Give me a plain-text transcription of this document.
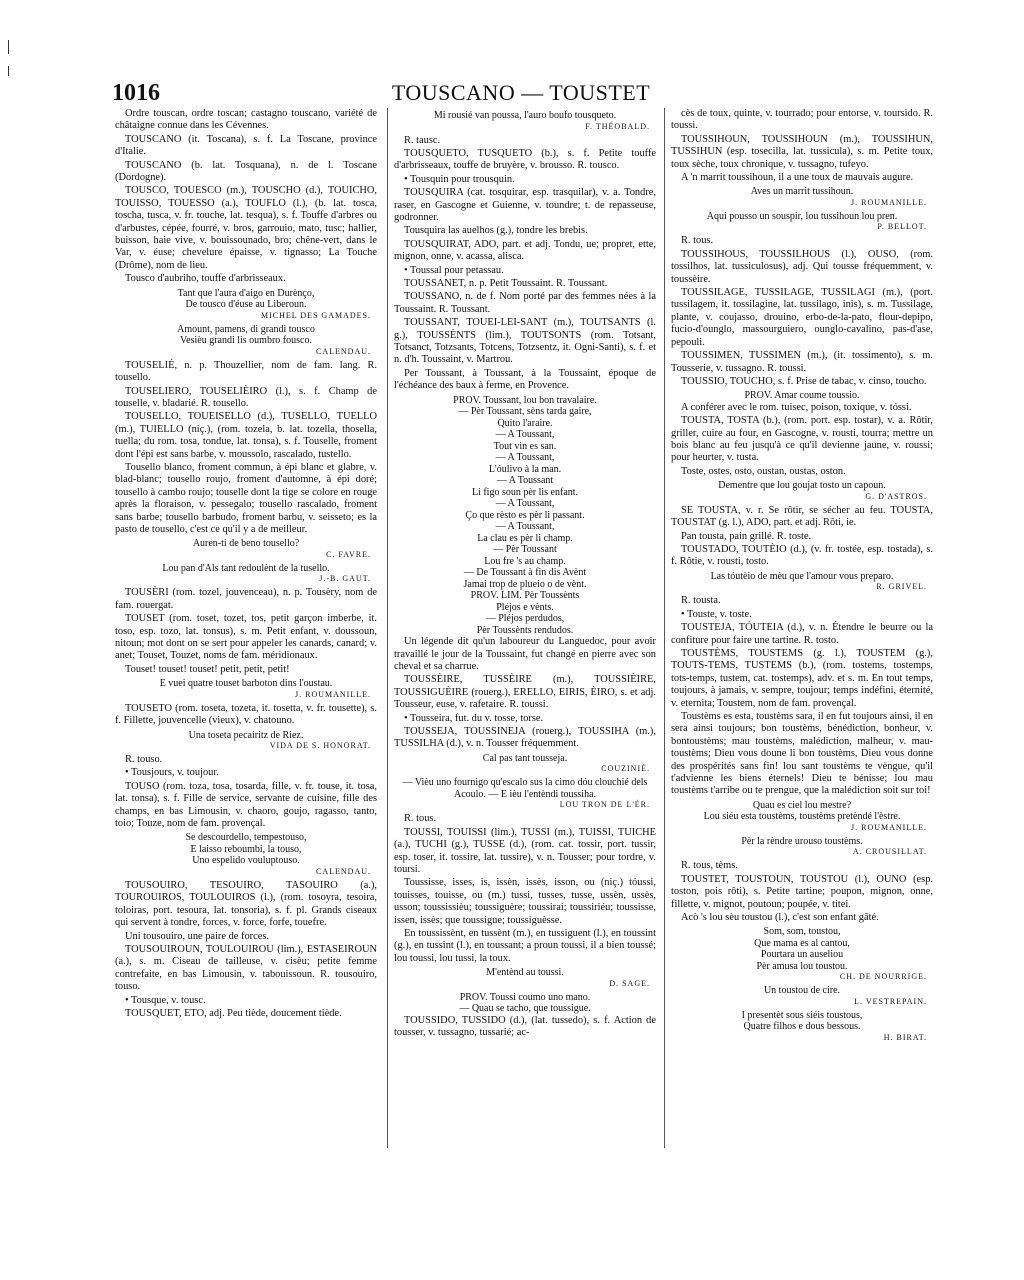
1016	TOUSCANO — TOUSTET

Ordre touscan, ordre toscan; castagno touscano, variété de châtaigne connue dans les Cévennes.

TOUSCANO (it. Toscana), s. f. La Toscane, province d'Italie.

TOUSCANO (b. lat. Tosquana), n. de l. Toscane (Dordogne).

TOUSCO, TOUESCO (m.), TOUSCHO (d.), TOUICHO, TOUISSO, TOUESSO (a.), TOUFLO (l.), (b. lat. tosca, toscha, tusca, v. fr. touche, lat. tesqua), s. f. Touffe d'arbres ou d'arbustes, cépée, fourré, v. bros, garrouio, mato, tusc; hallier, buisson, haie vive, v. bouissounado, bro; chêne-vert, dans le Var, v. éuse; chevelure épaisse, v. tignasso; La Touche (Drôme), nom de lieu.

Tousco d'aubriho, touffe d'arbrisseaux.

Tant que l'aura d'aigo en Durènço,
De tousco d'éuse au Liberoun.
MICHEL DES GAMADES.
Amount, pamens, di grandi tousco
Vesièu grandi lis oumbro fousco.
CALENDAU.

TOUSELIÉ, n. p. Thouzellier, nom de fam. lang. R. tousello.

TOUSELIERO, TOUSELIÈIRO (l.), s. f. Champ de touselle, v. bladarié. R. tousello.

TOUSELLO, TOUEISELLO (d.), TUSELLO, TUELLO (m.), TUIELLO (niç.), (rom. tozela, b. lat. tozella, thosella, tuella; du rom. tosa, tondue, lat. tonsa), s. f. Touselle, froment dont l'épi est sans barbe, v. moussolo, rascalado, tustello.

Tousello blanco, froment commun, à épi blanc et glabre, v. blad-blanc; tousello roujo, froment d'automne, à épi doré; tousello à cambo roujo; touselle dont la tige se colore en rouge après la floraison, v. pessegalo; tousello rascalado, froment sans barbe; tousello barbudo, froment barbu, v. seisseto; es la pasto de tousello, c'est ce qu'il y a de meilleur.

Auren-ti de beno tousello?
C. FAVRE.
Lou pan d'Als tant redoulènt de la tusello.
J.-B. GAUT.

TOUSÈRI (rom. tozel, jouvenceau), n. p. Tousèry, nom de fam. rouergat.

TOUSET (rom. toset, tozet, tos, petit garçon imberbe, it. toso, esp. tozo, lat. tonsus), s. m. Petit enfant, v. doussoun, nitoun; mot dont on se sert pour appeler les canards, canard; v. anet; Touset, Touzet, noms de fam. méridionaux.

Touset! touset! touset! petit, petit, petit!

E vuei quatre touset barboton dins l'oustau.
J. ROUMANILLE.

TOUSETO (rom. toseta, tozeta, it. tosetta, v. fr. tousette), s. f. Fillette, jouvencelle (vieux), v. chatouno.

Una toseta pecairitz de Riez.
VIDA DE S. HONORAT.

R. touso.

• Tousjours, v. toujour.

TOUSO (rom. toza, tosa, tosarda, fille, v. fr. touse, it. tosa, lat. tonsa), s. f. Fille de service, servante de cuisine, fille des champs, en bas Limousin, v. chaoro, goujo, ragasso, tanto, toio; Touze, nom de fam. provençal.

Se descourdello, tempestouso,
E laisso reboumbi, la touso,
Uno espelido vouluptouso.
CALENDAU.

TOUSOUIRO, TESOUIRO, TASOUIRO (a.), TOUROUIROS, TOULOUIROS (l.), (rom. tosoyra, tesoira, toloiras, port. tesoura, lat. tonsoria), s. f. pl. Grands ciseaux qui servent à tondre, forces, v. force, forfe, touefre.

Uni tousouiro, une paire de forces.

TOUSOUIROUN, TOULOUIROU (lim.), ESTASEIROUN (a.), s. m. Ciseau de tailleuse, v. cisèu; petite femme contrefaite, en bas Limousin, v. tabouissoun. R. tousouiro, touso.

• Tousque, v. tousc.

TOUSQUET, ETO, adj. Peu tiède, doucement tiède.

Mi rousié van poussa, l'auro boufo tousqueto.
F. THÉOBALD.

R. tausc.

TOUSQUETO, TUSQUETO (b.), s. f. Petite touffe d'arbrisseaux, touffe de bruyère, v. brousso. R. touscο.

• Tousquin pour trousquin.

TOUSQUIRA (cat. tosquirar, esp. trasquilar), v. a. Tondre, raser, en Gascogne et Guienne, v. toundre; t. de repasseuse, godronner.

Tousquira las auelhos (g.), tondre les brebis.

TOUSQUIRAT, ADO, part. et adj. Tondu, ue; propret, ette, mignon, onne, v. acassa, alisca.

• Toussal pour petassau.

TOUSSANET, n. p. Petit Toussaint. R. Toussant.

TOUSSANO, n. de f. Nom porté par des femmes nées à la Toussaint. R. Toussant.

TOUSSANT, TOUEI-LEI-SANT (m.), TOUTSANTS (l. g.), TOUSSÈNTS (lim.), TOUTSONTS (rom. Totsant, Totsanct, Totzsants, Totcens, Totzsentz, it. Ogni-Santi), s. f. et n. d'h. Toussaint, v. Martrou.

Per Toussant, à Toussant, à la Toussaint, époque de l'échéance des baux à ferme, en Provence.

PROV. Toussant, lou bon travalaire.
— Pèr Toussant, sèns tarda gaire,
Quito l'araire.
— A Toussant,
Tout vin es san.
— A Toussant,
L'óulivo à la man.
— A Toussant
Li figo soun pèr lis enfant.
— A Toussant,
Ço que rèsto es pèr li passant.
— A Toussant,
La clau es pèr li champ.
— Pèr Toussant
Lou fre 's au champ.
— De Toussant à fin dis Avènt
Jamai trop de plueio o de vènt.
PROV. LIM. Pèr Toussènts
Pléjos e vènts.
— Pléjos perdudos,
Pèr Toussènts rendudos.

Un légende dit qu'un laboureur du Languedoc, pour avoir travaillé le jour de la Toussaint, fut changé en pierre avec son cheval et sa charrue.

TOUSSÈIRE, TUSSÈIRE (m.), TOUSSIÈIRE, TOUSSIGUÈIRE (rouerg.), ERELLO, EIRIS, ÈIRO, s. et adj. Tousseur, euse, v. rafetaire. R. toussi.

• Tousseira, fut. du v. tosse, torse.

TOUSSEJA, TOUSSINEJA (rouerg.), TOUSSIHA (m.), TUSSILHA (d.), v. n. Tousser fréquemment.

Cal pas tant tousseja.
COUZINIÉ.
— Vièu uno fournigo qu'escalo sus la cimo dóu clouchié dels Acoulo. — E ièu l'entèndi toussiha.
LOU TRON DE L'ÈR.

R. tous.

TOUSSI, TOUISSI (lim.), TUSSI (m.), TUISSI, TUICHE (a.), TUCHI (g.), TUSSE (d.), (rom. cat. tossir, port. tussir, esp. toser, it. tossire, lat. tussire), v. n. Tousser; pour tordre, v. toursi.

Toussisse, isses, is, issèn, issès, isson, ou (niç.) tóussi, touisses, touisse, ou (m.) tussi, tusses, tusse, ussèn, ussès, usson; toussissièu; toussiguère; toussirai; toussiriéu; toussisse, issen, issès; que toussigue; toussiguèsse.

En toussissènt, en tussènt (m.), en tussiguent (l.), en toussint (g.), en tussint (l.), en toussant; a proun toussi, il a bien toussé; lou toussi, lou tussi, la toux.

M'entènd au toussi.
D. SAGE.
PROV. Toussi coumo uno mano.
— Quau se tacho, que toussigue.

TOUSSIDO, TUSSIDO (d.), (lat. tussedo), s. f. Action de tousser, v. tussagno, tussarié; ac-

cès de toux, quinte, v. tourrado; pour entorse, v. toursido. R. toussi.

TOUSSIHOUN, TOUSSIHOUN (m.), TOUSSIHUN, TUSSIHUN (esp. toseсilla, lat. tussicula), s. m. Petite toux, toux sèche, toux chronique, v. tussagno, tufeyo.

A 'n marrit toussihoun, il a une toux de mauvais augure.

Aves un marrit tussihoun.
J. ROUMANILLE.
Aqui pousso un souspir, lou tussihoun lou pren.
P. BELLOT.

R. tous.

TOUSSIHOUS, TOUSSILHOUS (l.), OUSO, (rom. tossilhos, lat. tussiculosus), adj. Qui tousse fréquemment, v. toussèire.

TOUSSILAGE, TUSSILAGE, TUSSILAGI (m.), (port. tussilagem, it. tossilagine, lat. tussilago, inis), s. m. Tussilage, plante, v. coujasso, drouino, erbo-de-la-pato, flour-depipo, fucio-d'ounglo, massourguiero, ounglo-cavalino, pas-d'ase, pepouli.

TOUSSIMEN, TUSSIMEN (m.), (it. tossimento), s. m. Tousserie, v. tussagno. R. toussi.

TOUSSIO, TOUCHO, s. f. Prise de tabac, v. cinso, toucho.

PROV. Amar coume toussio.

A conférer avec le rom. tuisec, poison, toxique, v. tóssi.

TOUSTA, TOSTA (b.), (rom. port. esp. tostar), v. a. Rôtir, griller, cuire au four, en Gascogne, v. rousti, tourra; mettre un bois blanc au feu jusqu'à ce qu'il devienne jaune, v. roussi; pour heurter, v. tusta.

Toste, ostes, osto, oustan, oustas, oston.

Dementre que lou goujat tosto un capoun.
G. D'ASTROS.

SE TOUSTA, v. r. Se rôtir, se sécher au feu. TOUSTA, TOUSTAT (g. l.), ADO, part. et adj. Rôti, ie.

Pan tousta, pain grillé. R. toste.

TOUSTADO, TOUTÈIO (d.), (v. fr. tostée, esp. tostada), s. f. Rôtie, v. rousti, tosto.

Las tóutèio de mèu que l'amour vous preparo.
R. GRIVEL.

R. tousta.

• Touste, v. toste.

TOUSTEJA, TÓUTEIA (d.), v. n. Étendre le beurre ou la confiture pour faire une tartine. R. tosto.

TOUSTÈMS, TOUSTEMS (g. l.), TOUSTEM (g.), TOUTS-TEMS, TUSTEMS (b.), (rom. tostems, tostemps, tots-temps, tustem, cat. tostemps), adv. et s. m. En tout temps, toujours, à jamais, v. sempre, toujour; temps indéfini, éternité, v. eternita; Toustem, nom de fam. provençal.

Toustèms es esta, toustèms sara, il en fut toujours ainsi, il en sera ainsi toujours; bon toustèms, bénédiction, bonheur, v. bontoustèms; mau toustèms, malédiction, malheur, v. mau-toustèms; Dieu vous doune li bon toustèms, Dieu vous donne des prospérités sans fin! lou sant toustèms te vèngue, qu'il t'advienne les biens éternels! Dieu te bénisse; lou mau toustèms t'arribe ou te prengue, que la malédiction soit sur toi!

Quau es ciel lou mestre?
Lou siéu esta toustèms, toustèms pretèndé l'èstre.
J. ROUMANILLE.
Pèr la rèndre urouso toustèms.
A. CROUSILLAT.

R. tous, tèms.

TOUSTET, TOUSTOUN, TOUSTOU (l.), OUNO (esp. toston, pois rôti), s. Petite tartine; poupon, mignon, onne, fillette, v. mignot, poutoun; poupée, v. titei.

Acò 's lou sèu toustou (l.), c'est son enfant gâté.

Som, som, toustou,
Que mama es al cantou,
Pourtara un auseliou
Pèr amusa lou toustou.
CH. DE NOURRIGE.
Un toustou de cire.
L. VESTREPAIN.
I presentèt sous siéis toustous,
Quatre filhos e dous bessous.
H. BIRAT.
